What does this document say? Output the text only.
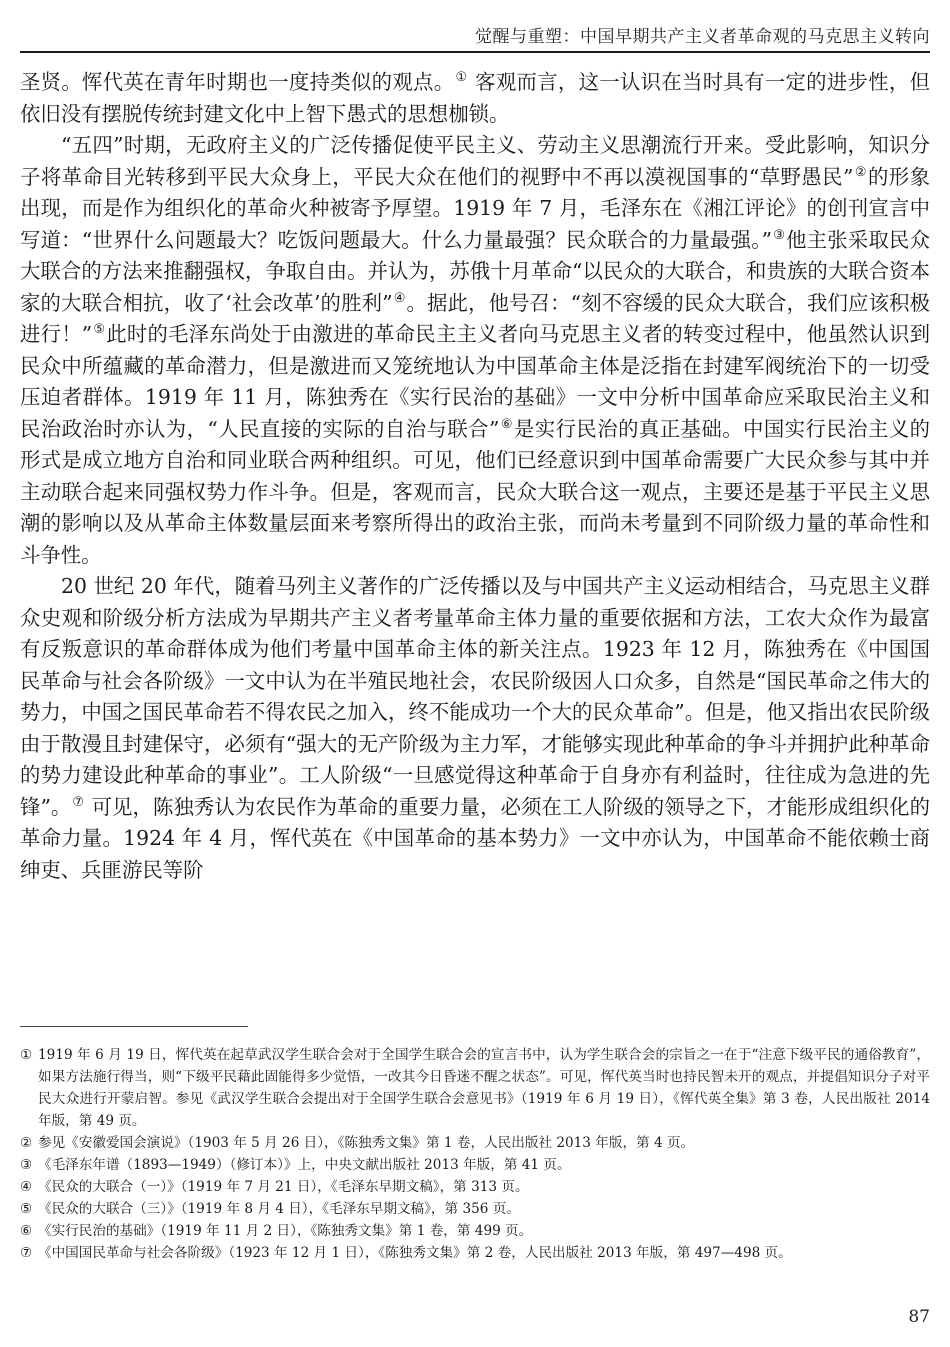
觉醒与重塑：中国早期共产主义者革命观的马克思主义转向

圣贤。恽代英在青年时期也一度持类似的观点。① 客观而言，这一认识在当时具有一定的进步性，但依旧没有摆脱传统封建文化中上智下愚式的思想枷锁。

“五四”时期，无政府主义的广泛传播促使平民主义、劳动主义思潮流行开来。受此影响，知识分子将革命目光转移到平民大众身上，平民大众在他们的视野中不再以漠视国事的“草野愚民”②的形象出现，而是作为组织化的革命火种被寄予厚望。1919 年 7 月，毛泽东在《湘江评论》的创刊宣言中写道：“世界什么问题最大？吃饭问题最大。什么力量最强？民众联合的力量最强。”③他主张采取民众大联合的方法来推翻强权，争取自由。并认为，苏俄十月革命“以民众的大联合，和贵族的大联合资本家的大联合相抗，收了‘社会改革’的胜利”④。据此，他号召：“刻不容缓的民众大联合，我们应该积极进行！”⑤此时的毛泽东尚处于由激进的革命民主主义者向马克思主义者的转变过程中，他虽然认识到民众中所蕴藏的革命潜力，但是激进而又笼统地认为中国革命主体是泛指在封建军阀统治下的一切受压迫者群体。1919 年 11 月，陈独秀在《实行民治的基础》一文中分析中国革命应采取民治主义和民治政治时亦认为，“人民直接的实际的自治与联合”⑥是实行民治的真正基础。中国实行民治主义的形式是成立地方自治和同业联合两种组织。可见，他们已经意识到中国革命需要广大民众参与其中并主动联合起来同强权势力作斗争。但是，客观而言，民众大联合这一观点，主要还是基于平民主义思潮的影响以及从革命主体数量层面来考察所得出的政治主张，而尚未考量到不同阶级力量的革命性和斗争性。

20 世纪 20 年代，随着马列主义著作的广泛传播以及与中国共产主义运动相结合，马克思主义群众史观和阶级分析方法成为早期共产主义者考量革命主体力量的重要依据和方法，工农大众作为最富有反叛意识的革命群体成为他们考量中国革命主体的新关注点。1923 年 12 月，陈独秀在《中国国民革命与社会各阶级》一文中认为在半殖民地社会，农民阶级因人口众多，自然是“国民革命之伟大的势力，中国之国民革命若不得农民之加入，终不能成功一个大的民众革命”。但是，他又指出农民阶级由于散漫且封建保守，必须有“强大的无产阶级为主力军，才能够实现此种革命的争斗并拥护此种革命的势力建设此种革命的事业”。工人阶级“一旦感觉得这种革命于自身亦有利益时，往往成为急进的先锋”。⑦ 可见，陈独秀认为农民作为革命的重要力量，必须在工人阶级的领导之下，才能形成组织化的革命力量。1924 年 4 月，恽代英在《中国革命的基本势力》一文中亦认为，中国革命不能依赖士商绅吏、兵匪游民等阶

① 1919 年 6 月 19 日，恽代英在起草武汉学生联合会对于全国学生联合会的宣言书中，认为学生联合会的宗旨之一在于“注意下级平民的通俗教育”，如果方法施行得当，则“下级平民藉此固能得多少觉悟，一改其今日昏迷不醒之状态”。可见，恽代英当时也持民智未开的观点，并提倡知识分子对平民大众进行开蒙启智。参见《武汉学生联合会提出对于全国学生联合会意见书》（1919 年 6 月 19 日），《恽代英全集》第 3 卷，人民出版社 2014 年版，第 49 页。
② 参见《安徽爱国会演说》（1903 年 5 月 26 日），《陈独秀文集》第 1 卷，人民出版社 2013 年版，第 4 页。
③ 《毛泽东年谱（1893—1949）（修订本）》上，中央文献出版社 2013 年版，第 41 页。
④ 《民众的大联合（一）》（1919 年 7 月 21 日），《毛泽东早期文稿》，第 313 页。
⑤ 《民众的大联合（三）》（1919 年 8 月 4 日），《毛泽东早期文稿》，第 356 页。
⑥ 《实行民治的基础》（1919 年 11 月 2 日），《陈独秀文集》第 1 卷，第 499 页。
⑦ 《中国国民革命与社会各阶级》（1923 年 12 月 1 日），《陈独秀文集》第 2 卷，人民出版社 2013 年版，第 497—498 页。
87
